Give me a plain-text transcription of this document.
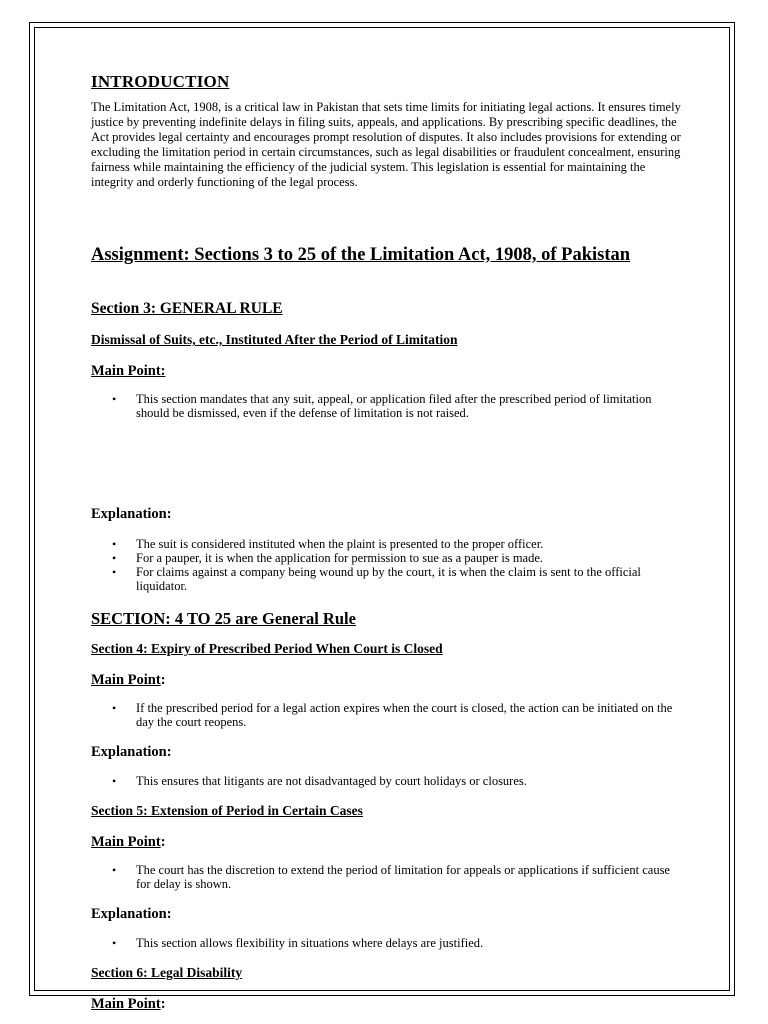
INTRODUCTION

The Limitation Act, 1908, is a critical law in Pakistan that sets time limits for initiating legal actions. It ensures timely justice by preventing indefinite delays in filing suits, appeals, and applications. By prescribing specific deadlines, the Act provides legal certainty and encourages prompt resolution of disputes. It also includes provisions for extending or excluding the limitation period in certain circumstances, such as legal disabilities or fraudulent concealment, ensuring fairness while maintaining the efficiency of the judicial system. This legislation is essential for maintaining the integrity and orderly functioning of the legal process.

Assignment: Sections 3 to 25 of the Limitation Act, 1908, of Pakistan
Section 3: GENERAL RULE
Dismissal of Suits, etc., Instituted After the Period of Limitation
Main Point:
• This section mandates that any suit, appeal, or application filed after the prescribed period of limitation should be dismissed, even if the defense of limitation is not raised.
Explanation:
• The suit is considered instituted when the plaint is presented to the proper officer.
• For a pauper, it is when the application for permission to sue as a pauper is made.
• For claims against a company being wound up by the court, it is when the claim is sent to the official liquidator.
SECTION: 4 TO 25 are General Rule
Section 4: Expiry of Prescribed Period When Court is Closed
Main Point:
• If the prescribed period for a legal action expires when the court is closed, the action can be initiated on the day the court reopens.
Explanation:
• This ensures that litigants are not disadvantaged by court holidays or closures.
Section 5: Extension of Period in Certain Cases
Main Point:
• The court has the discretion to extend the period of limitation for appeals or applications if sufficient cause for delay is shown.
Explanation:
• This section allows flexibility in situations where delays are justified.
Section 6: Legal Disability
Main Point:
